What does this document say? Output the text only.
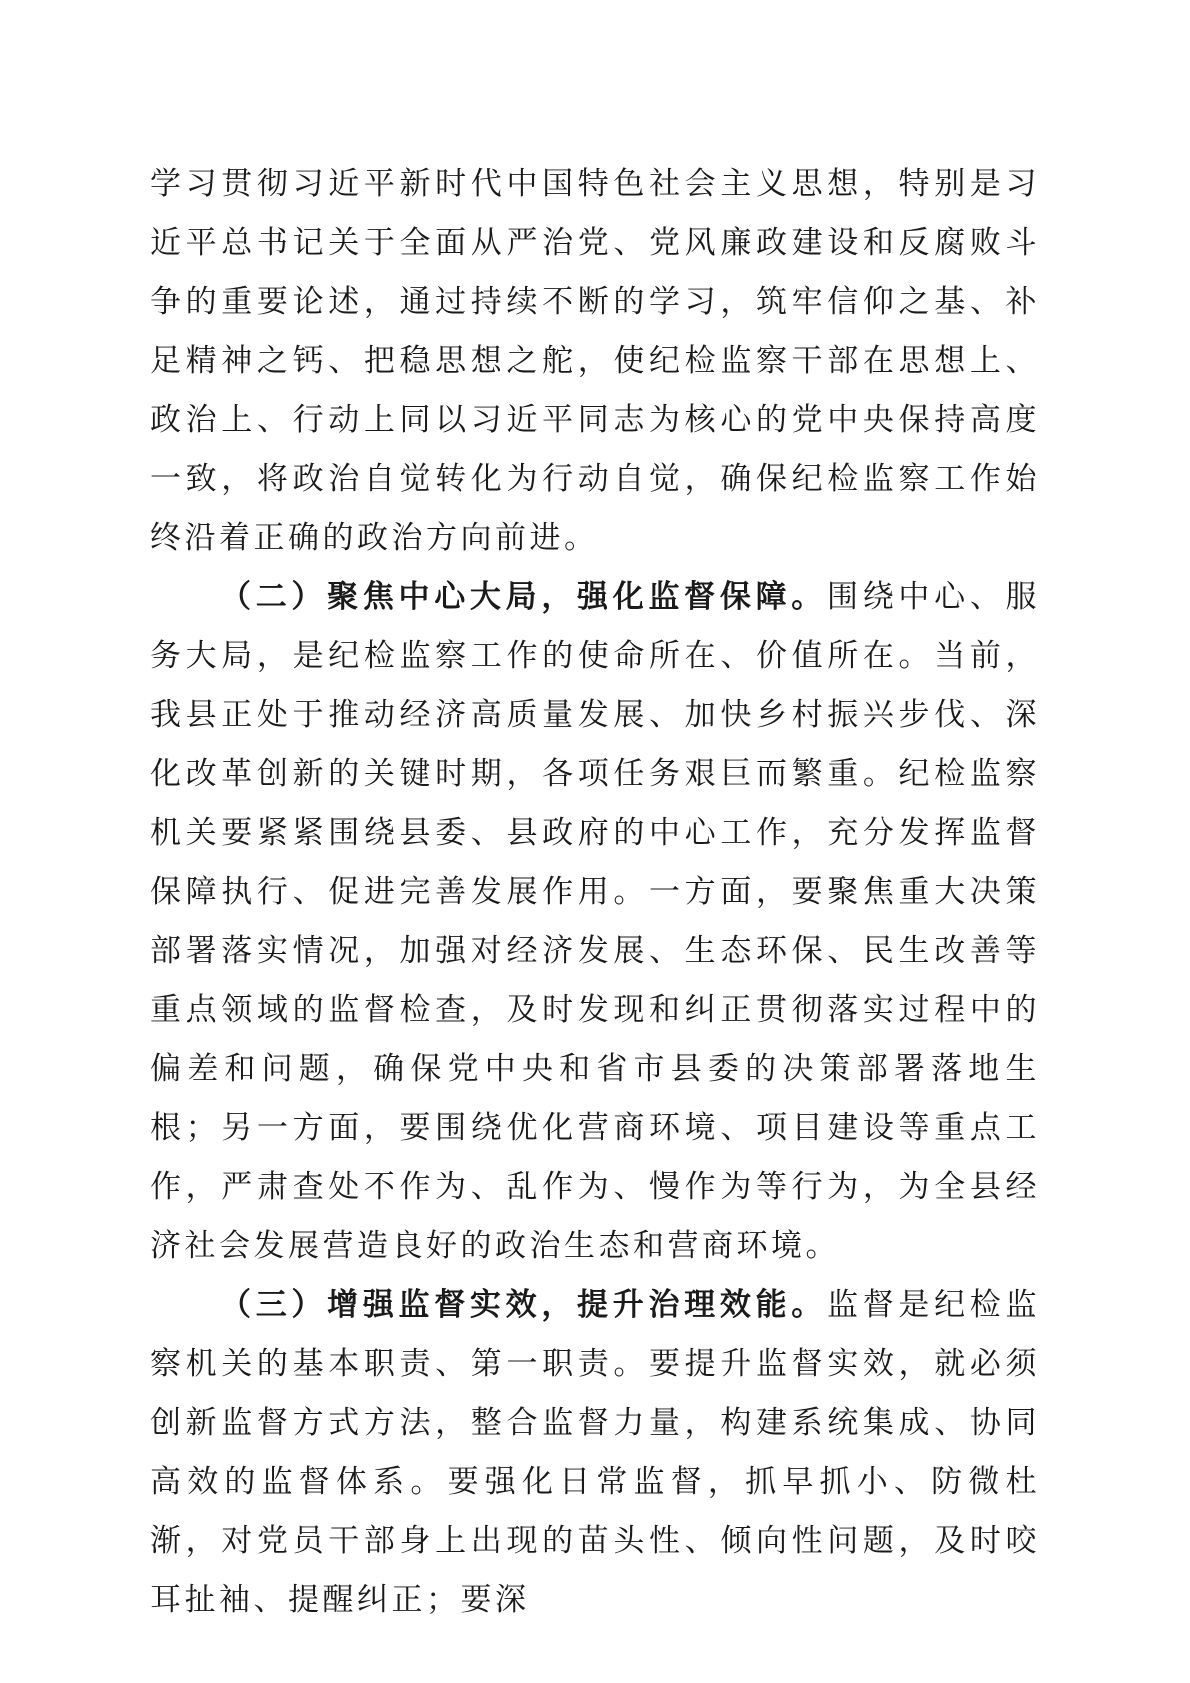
学习贯彻习近平新时代中国特色社会主义思想，特别是习近平总书记关于全面从严治党、党风廉政建设和反腐败斗争的重要论述，通过持续不断的学习，筑牢信仰之基、补足精神之钙、把稳思想之舵，使纪检监察干部在思想上、政治上、行动上同以习近平同志为核心的党中央保持高度一致，将政治自觉转化为行动自觉，确保纪检监察工作始终沿着正确的政治方向前进。

（二）聚焦中心大局，强化监督保障。围绕中心、服务大局，是纪检监察工作的使命所在、价值所在。当前，我县正处于推动经济高质量发展、加快乡村振兴步伐、深化改革创新的关键时期，各项任务艰巨而繁重。纪检监察机关要紧紧围绕县委、县政府的中心工作，充分发挥监督保障执行、促进完善发展作用。一方面，要聚焦重大决策部署落实情况，加强对经济发展、生态环保、民生改善等重点领域的监督检查，及时发现和纠正贯彻落实过程中的偏差和问题，确保党中央和省市县委的决策部署落地生根；另一方面，要围绕优化营商环境、项目建设等重点工作，严肃查处不作为、乱作为、慢作为等行为，为全县经济社会发展营造良好的政治生态和营商环境。

（三）增强监督实效，提升治理效能。监督是纪检监察机关的基本职责、第一职责。要提升监督实效，就必须创新监督方式方法，整合监督力量，构建系统集成、协同高效的监督体系。要强化日常监督，抓早抓小、防微杜渐，对党员干部身上出现的苗头性、倾向性问题，及时咬耳扯袖、提醒纠正；要深
